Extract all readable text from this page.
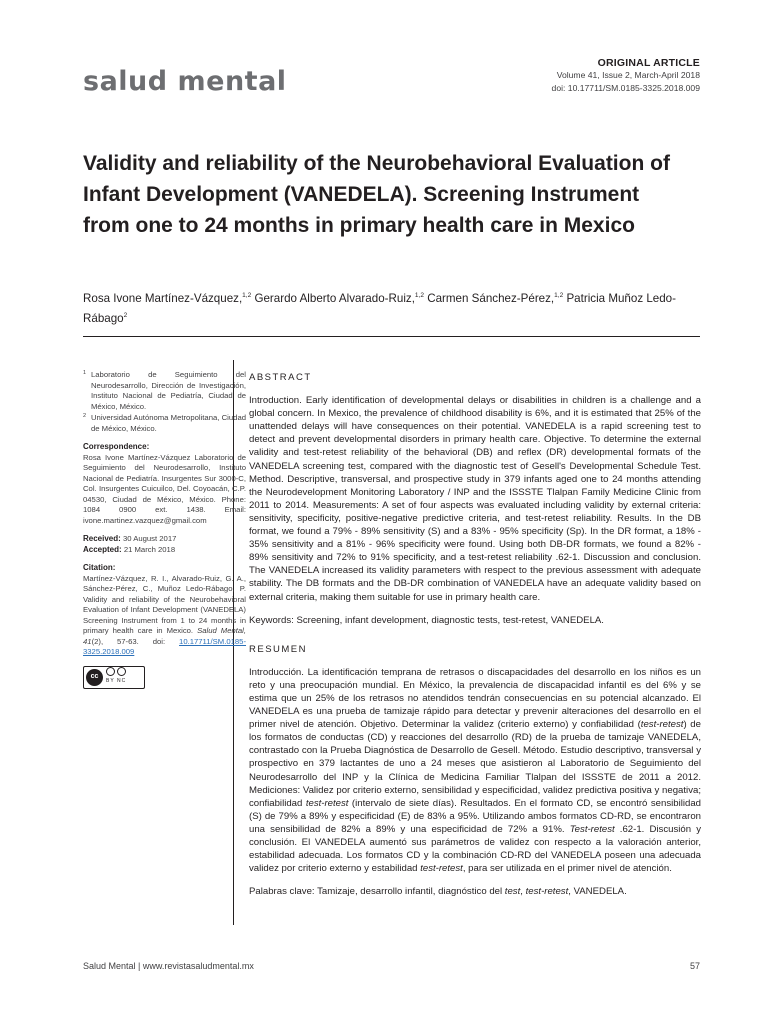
salud mental
ORIGINAL ARTICLE
Volume 41, Issue 2, March-April 2018
doi: 10.17711/SM.0185-3325.2018.009
Validity and reliability of the Neurobehavioral Evaluation of Infant Development (VANEDELA). Screening Instrument from one to 24 months in primary health care in Mexico
Rosa Ivone Martínez-Vázquez,$^{1,2}$ Gerardo Alberto Alvarado-Ruiz,$^{1,2}$ Carmen Sánchez-Pérez,$^{1,2}$ Patricia Muñoz Ledo-Rábago$^2$
1 Laboratorio de Seguimiento del Neurodesarrollo, Dirección de Investigación, Instituto Nacional de Pediatría, Ciudad de México, México.
2 Universidad Autónoma Metropolitana, Ciudad de México, México.
Correspondence:
Rosa Ivone Martínez-Vázquez Laboratorio de Seguimiento del Neurodesarrollo, Instituto Nacional de Pediatría. Insurgentes Sur 3000-C, Col. Insurgentes Cuicuilco, Del. Coyoacán, C.P. 04530, Ciudad de México, México. Phone: 1084 0900 ext. 1438. Email: ivone.martinez.vazquez@gmail.com
Received: 30 August 2017
Accepted: 21 March 2018
Citation:
Martínez-Vázquez, R. I., Alvarado-Ruiz, G. A., Sánchez-Pérez, C., Muñoz Ledo-Rábago, P. Validity and reliability of the Neurobehavioral Evaluation of Infant Development (VANEDELA) Screening Instrument from 1 to 24 months in primary health care in Mexico. Salud Mental, 41(2), 57-63. doi: 10.17711/SM.0185-3325.2018.009
cc
BY NC
ABSTRACT
Introduction. Early identification of developmental delays or disabilities in children is a challenge and a global concern. In Mexico, the prevalence of childhood disability is 6%, and it is estimated that 25% of the unattended delays will have consequences on their potential. VANEDELA is a rapid screening test to detect and prevent developmental disorders in primary health care. Objective. To determine the external validity and test-retest reliability of the behavioral (DB) and reflex (DR) developmental formats of the VANEDELA screening test, compared with the diagnostic test of Gesell's Developmental Schedule Test. Method. Descriptive, transversal, and prospective study in 379 infants aged one to 24 months attending the Neurodevelopment Monitoring Laboratory / INP and the ISSSTE Tlalpan Family Medicine Clinic from 2011 to 2014. Measurements: A set of four aspects was evaluated including validity by external criteria: sensitivity, specificity, positive-negative predictive criteria, and test-retest reliability. Results. In the DB format, we found a 79% - 89% sensitivity (S) and a 83% - 95% specificity (Sp). In the DR format, a 18% - 35% sensitivity and a 81% - 96% specificity were found. Using both DB-DR formats, we found a 82% - 89% sensitivity and 72% to 91% specificity, and a test-retest reliability .62-1. Discussion and conclusion. The VANEDELA increased its validity parameters with respect to the previous assessment with adequate stability. The DB formats and the DB-DR combination of VANEDELA have an adequate validity based on external criteria, making them suitable for use in primary health care.
Keywords: Screening, infant development, diagnostic tests, test-retest, VANEDELA.
RESUMEN
Introducción. La identificación temprana de retrasos o discapacidades del desarrollo en los niños es un reto y una preocupación mundial. En México, la prevalencia de discapacidad infantil es del 6% y se estima que un 25% de los retrasos no atendidos tendrán consecuencias en su potencial alcanzado. El VANEDELA es una prueba de tamizaje rápido para detectar y prevenir alteraciones del desarrollo en el primer nivel de atención. Objetivo. Determinar la validez (criterio externo) y confiabilidad (test-retest) de los formatos de conductas (CD) y reacciones del desarrollo (RD) de la prueba de tamizaje VANEDELA, contrastado con la Prueba Diagnóstica de Desarrollo de Gesell. Método. Estudio descriptivo, transversal y prospectivo en 379 lactantes de uno a 24 meses que asistieron al Laboratorio de Seguimiento del Neurodesarrollo del INP y la Clínica de Medicina Familiar Tlalpan del ISSSTE de 2011 a 2012. Mediciones: Validez por criterio externo, sensibilidad y especificidad, validez predictiva positiva y negativa; confiabilidad test-retest (intervalo de siete días). Resultados. En el formato CD, se encontró sensibilidad (S) de 79% a 89% y especificidad (E) de 83% a 95%. Utilizando ambos formatos CD-RD, se encontraron una sensibilidad de 82% a 89% y una especificidad de 72% a 91%. Test-retest .62-1. Discusión y conclusión. El VANEDELA aumentó sus parámetros de validez con respecto a la valoración anterior, estabilidad adecuada. Los formatos CD y la combinación CD-RD del VANEDELA poseen una adecuada validez por criterio externo y estabilidad test-retest, para ser utilizada en el primer nivel de atención.
Palabras clave: Tamizaje, desarrollo infantil, diagnóstico del test, test-retest, VANEDELA.
Salud Mental | www.revistasaludmental.mx	57
